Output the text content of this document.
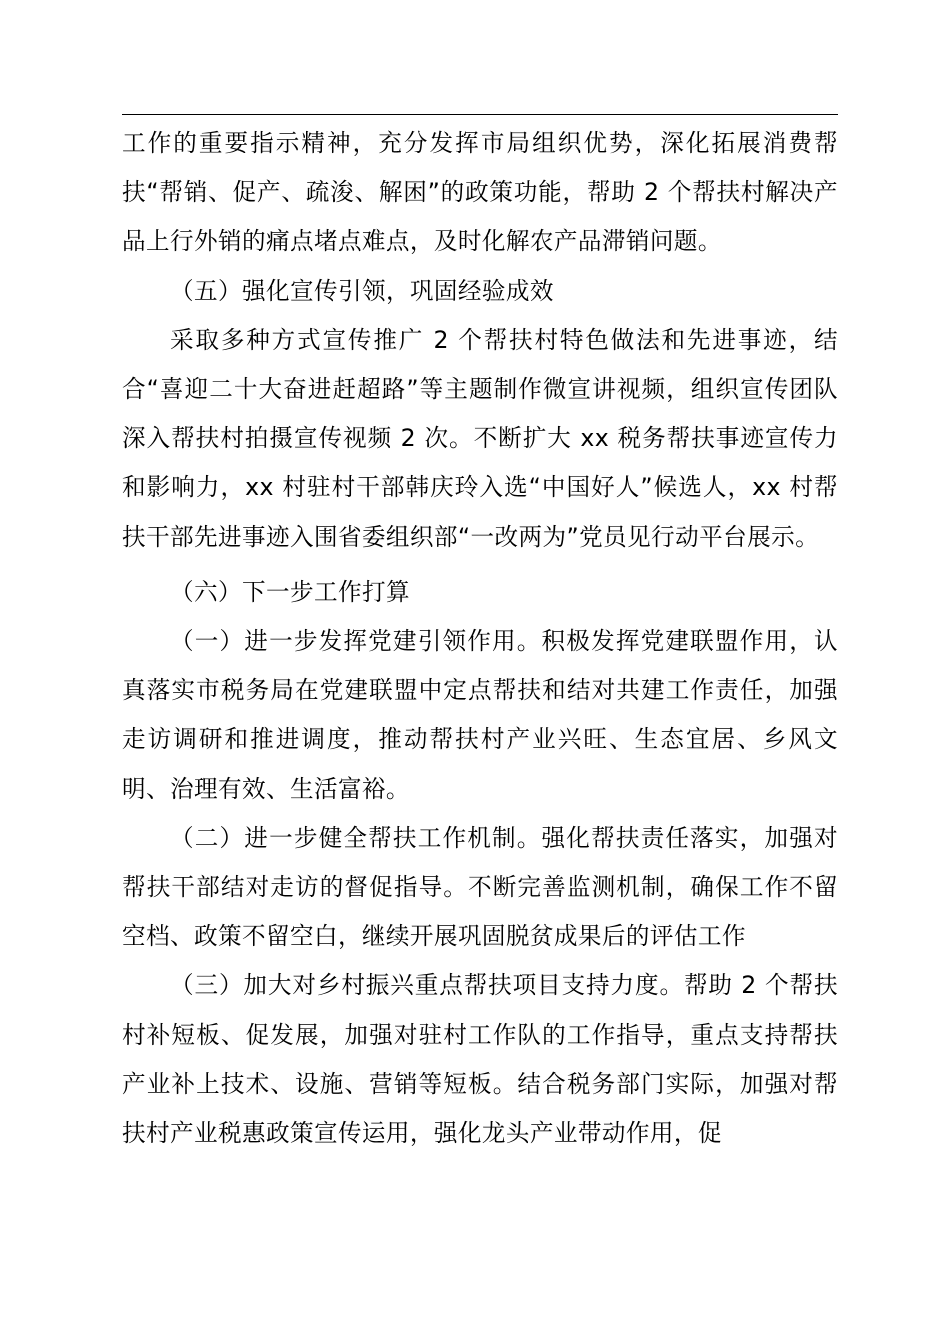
工作的重要指示精神，充分发挥市局组织优势，深化拓展消费帮扶“帮销、促产、疏浚、解困”的政策功能，帮助 2 个帮扶村解决产品上行外销的痛点堵点难点，及时化解农产品滞销问题。

（五）强化宣传引领，巩固经验成效

采取多种方式宣传推广 2 个帮扶村特色做法和先进事迹，结合“喜迎二十大奋进赶超路”等主题制作微宣讲视频，组织宣传团队深入帮扶村拍摄宣传视频 2 次。不断扩大 xx 税务帮扶事迹宣传力和影响力，xx 村驻村干部韩庆玲入选“中国好人”候选人，xx 村帮扶干部先进事迹入围省委组织部“一改两为”党员见行动平台展示。

（六）下一步工作打算

（一）进一步发挥党建引领作用。积极发挥党建联盟作用，认真落实市税务局在党建联盟中定点帮扶和结对共建工作责任，加强走访调研和推进调度，推动帮扶村产业兴旺、生态宜居、乡风文明、治理有效、生活富裕。

（二）进一步健全帮扶工作机制。强化帮扶责任落实，加强对帮扶干部结对走访的督促指导。不断完善监测机制，确保工作不留空档、政策不留空白，继续开展巩固脱贫成果后的评估工作

（三）加大对乡村振兴重点帮扶项目支持力度。帮助 2 个帮扶村补短板、促发展，加强对驻村工作队的工作指导，重点支持帮扶产业补上技术、设施、营销等短板。结合税务部门实际，加强对帮扶村产业税惠政策宣传运用，强化龙头产业带动作用，促
